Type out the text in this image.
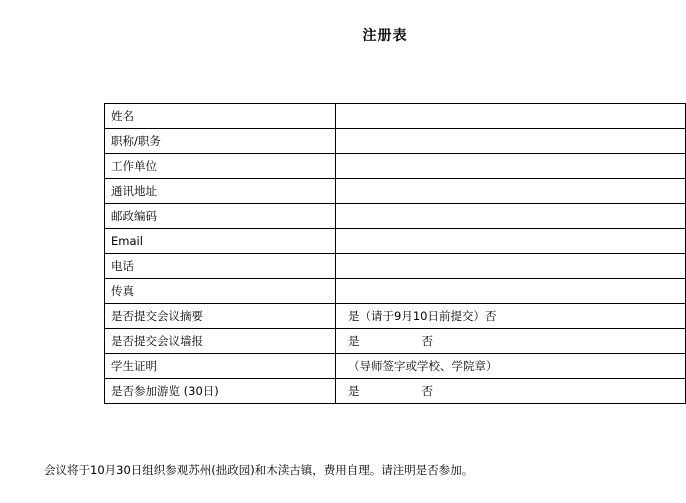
注册表
姓名	
职称/职务	
工作单位	
通讯地址	
邮政编码	
Email	
电话	
传真	
是否提交会议摘要	是（请于9月10日前提交）否
是否提交会议墙报	是 否
学生证明	（导师签字或学校、学院章）
是否参加游览 (30日)	是 否
会议将于10月30日组织参观苏州(拙政园)和木渎古镇，费用自理。请注明是否参加。
